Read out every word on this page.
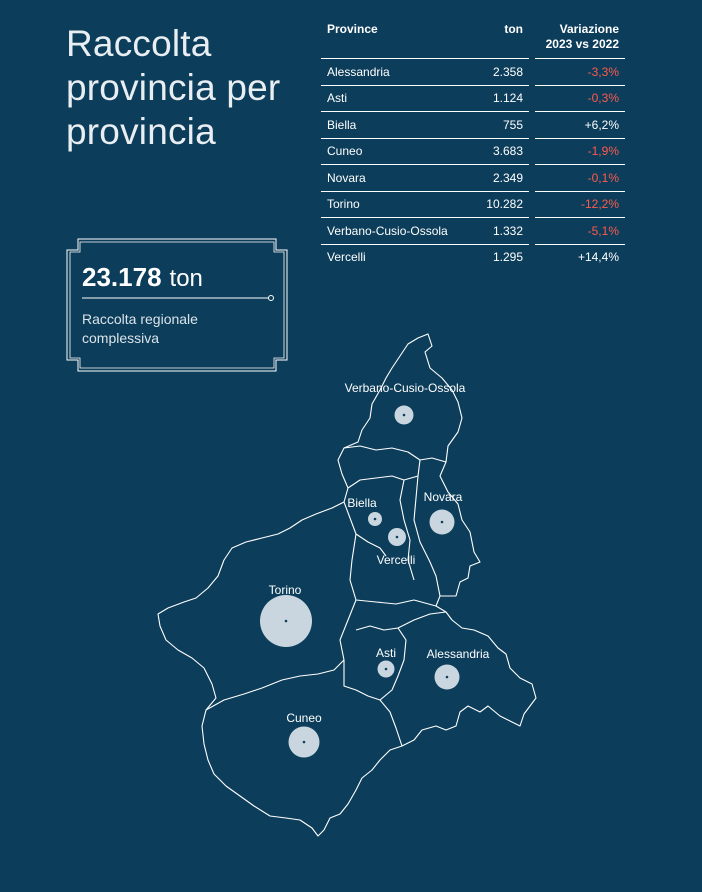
Raccolta
provincia per
provincia
Province	ton		Variazione
2023 vs 2022

Alessandria	2.358		-3,3%
Asti	1.124		-0,3%
Biella	755		+6,2%
Cuneo	3.683		-1,9%
Novara	2.349		-0,1%
Torino	10.282		-12,2%
Verbano-Cusio-Ossola	1.332		-5,1%
Vercelli	1.295		+14,4%
23.178 ton
Raccolta regionale complessiva
Verbano-Cusio-Ossola
Biella	Novara
Vercelli
Torino
Asti	Alessandria
Cuneo
